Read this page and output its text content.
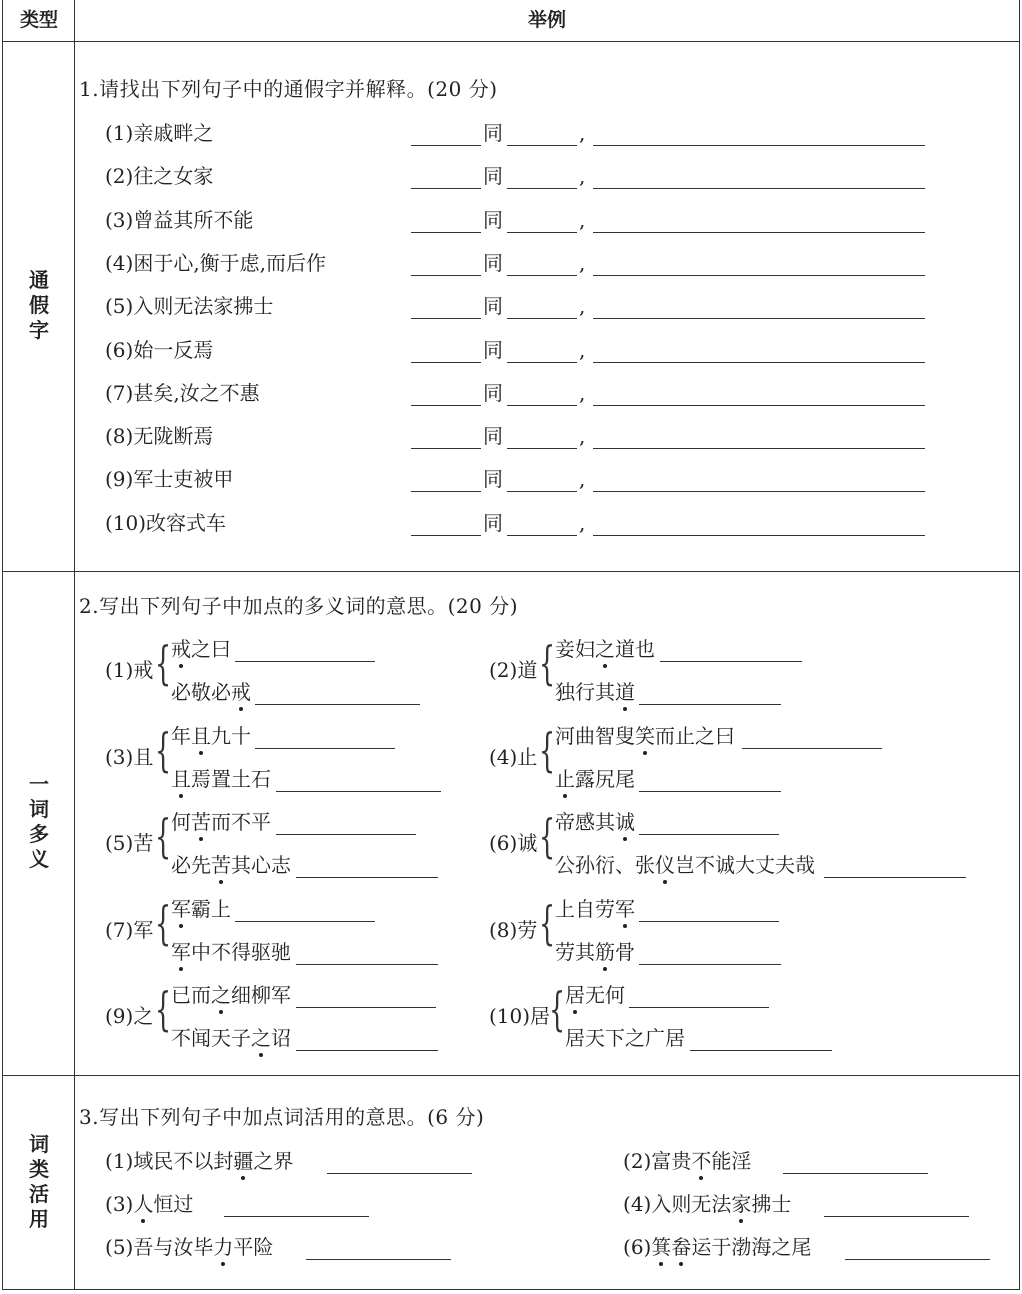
类型	举例
通
假
字
1.请找出下列句子中的通假字并解释。(20 分)
(1)亲戚畔之	同	,
(2)往之女家	同	,
(3)曾益其所不能	同	,
(4)困于心,衡于虑,而后作	同	,
(5)入则无法家拂士	同	,
(6)始一反焉	同	,
(7)甚矣,汝之不惠	同	,
(8)无陇断焉	同	,
(9)军士吏被甲	同	,
(10)改容式车	同	,
一
词
多
义
2.写出下列句子中加点的多义词的意思。(20 分)
(1)戒 { 戒之曰
必敬必戒
(2)道 { 妾妇之道也
独行其道
(3)且 { 年且九十
且焉置土石
(4)止 { 河曲智叟笑而止之曰
止露尻尾
(5)苦 { 何苦而不平
必先苦其心志
(6)诚 { 帝感其诚
公孙衍、张仪岂不诚大丈夫哉
(7)军 { 军霸上
军中不得驱驰
(8)劳 { 上自劳军
劳其筋骨
(9)之 { 已而之细柳军
不闻天子之诏
(10)居
{ 居无何
居天下之广居
词
类
活
用
3.写出下列句子中加点词活用的意思。(6 分)
(1)域民不以封疆之界	(2)富贵不能淫
(3)人恒过	(4)入则无法家拂士
(5)吾与汝毕力平险	(6)箕畚运于渤海之尾
